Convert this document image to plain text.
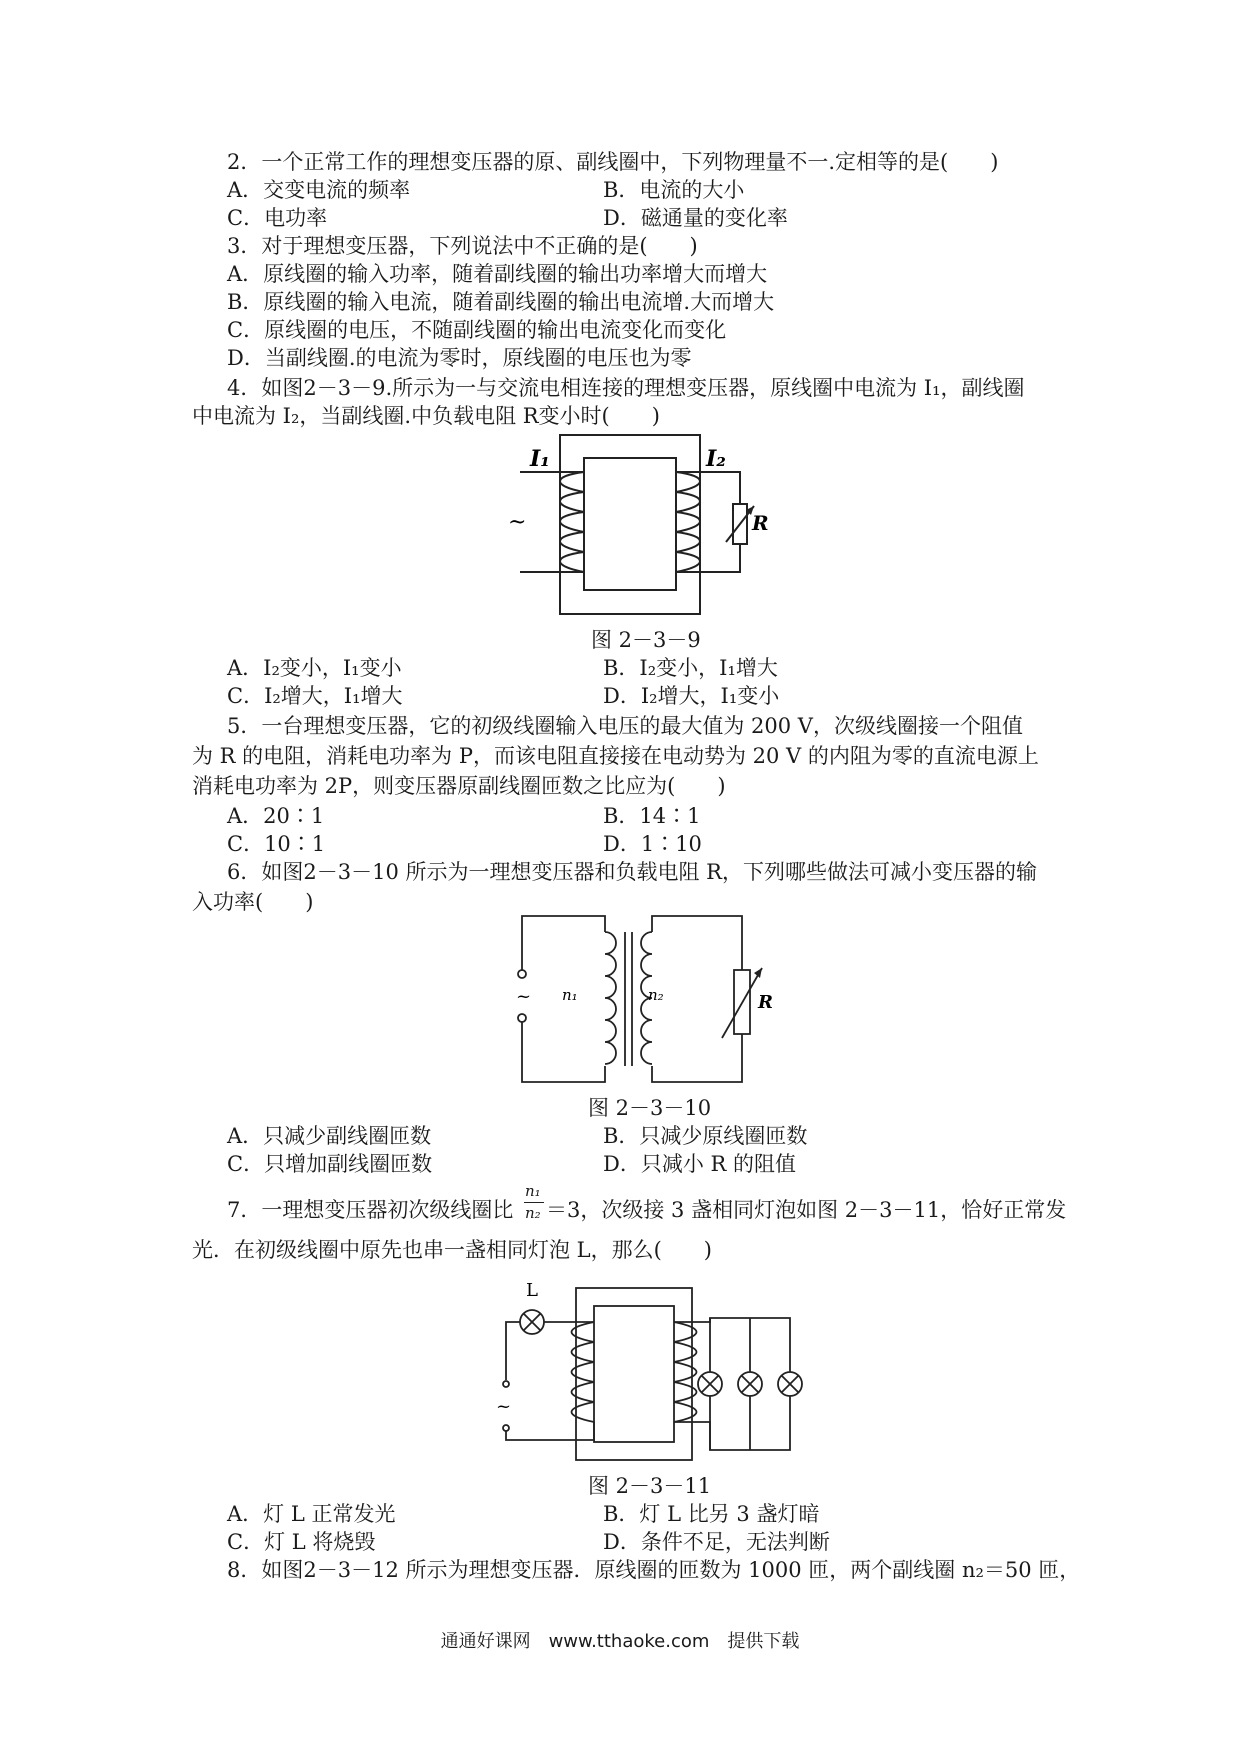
2．一个正常工作的理想变压器的原、副线圈中，下列物理量不一.定相等的是(　　)
A．交变电流的频率	B．电流的大小
C．电功率	D．磁通量的变化率
3．对于理想变压器，下列说法中不正确的是(　　)
A．原线圈的输入功率，随着副线圈的输出功率增大而增大
B．原线圈的输入电流，随着副线圈的输出电流增.大而增大
C．原线圈的电压，不随副线圈的输出电流变化而变化
D．当副线圈.的电流为零时，原线圈的电压也为零
4．如图2－3－9.所示为一与交流电相连接的理想变压器，原线圈中电流为 I₁，副线圈
中电流为 I₂，当副线圈.中负载电阻 R变小时(　　)
~
I₁	I₂
R
图 2－3－9
A．I₂变小，I₁变小	B．I₂变小，I₁增大
C．I₂增大，I₁增大	D．I₂增大，I₁变小
5．一台理想变压器，它的初级线圈输入电压的最大值为 200 V，次级线圈接一个阻值
为 R 的电阻，消耗电功率为 P，而该电阻直接接在电动势为 20 V 的内阻为零的直流电源上
消耗电功率为 2P，则变压器原副线圈匝数之比应为(　　)
A．20∶1	B．14∶1
C．10∶1	D．1∶10
6．如图2－3－10 所示为一理想变压器和负载电阻 R，下列哪些做法可减小变压器的输
入功率(　　)
~ n₁	n₂	R
图 2－3－10
A．只减少副线圈匝数	B．只减少原线圈匝数
C．只增加副线圈匝数	D．只减小 R 的阻值
7．一理想变压器初次级线圈比
n₁
n₂ ＝3，次级接 3 盏相同灯泡如图 2－3－11，恰好正常发
光．在初级线圈中原先也串一盏相同灯泡 L，那么(　　)
L
~
图 2－3－11
A．灯 L 正常发光	B．灯 L 比另 3 盏灯暗
C．灯 L 将烧毁	D．条件不足，无法判断
8．如图2－3－12 所示为理想变压器．原线圈的匝数为 1000 匝，两个副线圈 n₂＝50 匝，
通通好课网　www.tthaoke.com　提供下载
